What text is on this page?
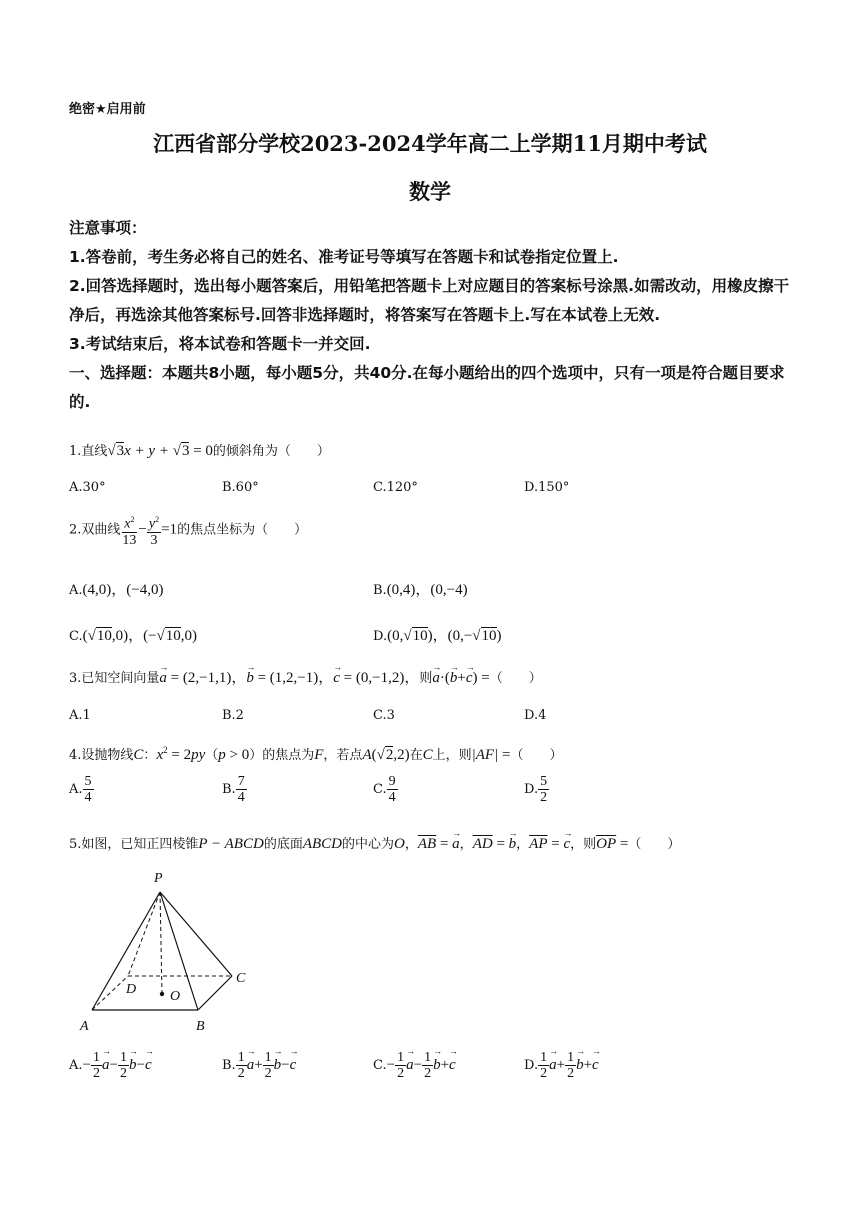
绝密★启用前
江西省部分学校2023-2024学年高二上学期11月期中考试
数学

注意事项：

1.答卷前，考生务必将自己的姓名、准考证号等填写在答题卡和试卷指定位置上.

2.回答选择题时，选出每小题答案后，用铅笔把答题卡上对应题目的答案标号涂黑.如需改动，用橡皮擦干净后，再选涂其他答案标号.回答非选择题时，将答案写在答题卡上.写在本试卷上无效.

3.考试结束后，将本试卷和答题卡一并交回.

一、选择题：本题共8小题，每小题5分，共40分.在每小题给出的四个选项中，只有一项是符合题目要求的.

1.直线√3x + y + √3 = 0的倾斜角为（　　）
A.30°	B.60°	C.120°	D.150°
2.双曲线 $\frac{x^2}{13} - \frac{y^2}{3} =1$的焦点坐标为（　　）
A.(4,0)，(−4,0)	B.(0,4)，(0,−4)
C.(√10,0)，(−√10,0)	D.(0,√10)，(0,−√10)
3.已知空间向量→ a = (2,−1,1)，→ b = (1,2,−1)，→ c = (0,−1,2)，则→ a·(→ b+→ c) =（　　）
A.1	B.2	C.3	D.4
4.设抛物线C：$x^2 = 2py(p > 0)$的焦点为F，若点A(√2,2)在C上，则|AF| =（　　）
A. $\frac{5}{4}$	B. $\frac{7}{4}$	C. $\frac{9}{4}$	D. $\frac{5}{2}$
5.如图，已知正四棱锥P − ABCD的底面ABCD的中心为O，$\overline{AB}$ = → a，$\overline{AD}$ = → b，$\overline{AP}$ = → c，则$\overline{OP}$ =（　　）
P
A	B
C
D O
$A.- \frac{1}{2} \to a- \frac{1}{2} \to b-\to c$	B. $\frac{1}{2} \to a+ \frac{1}{2} \to b-\to c$	$C.- \frac{1}{2} \to a- \frac{1}{2} \to b+\to c$	D. $\frac{1}{2} \to a+ \frac{1}{2} \to b+\to c$
